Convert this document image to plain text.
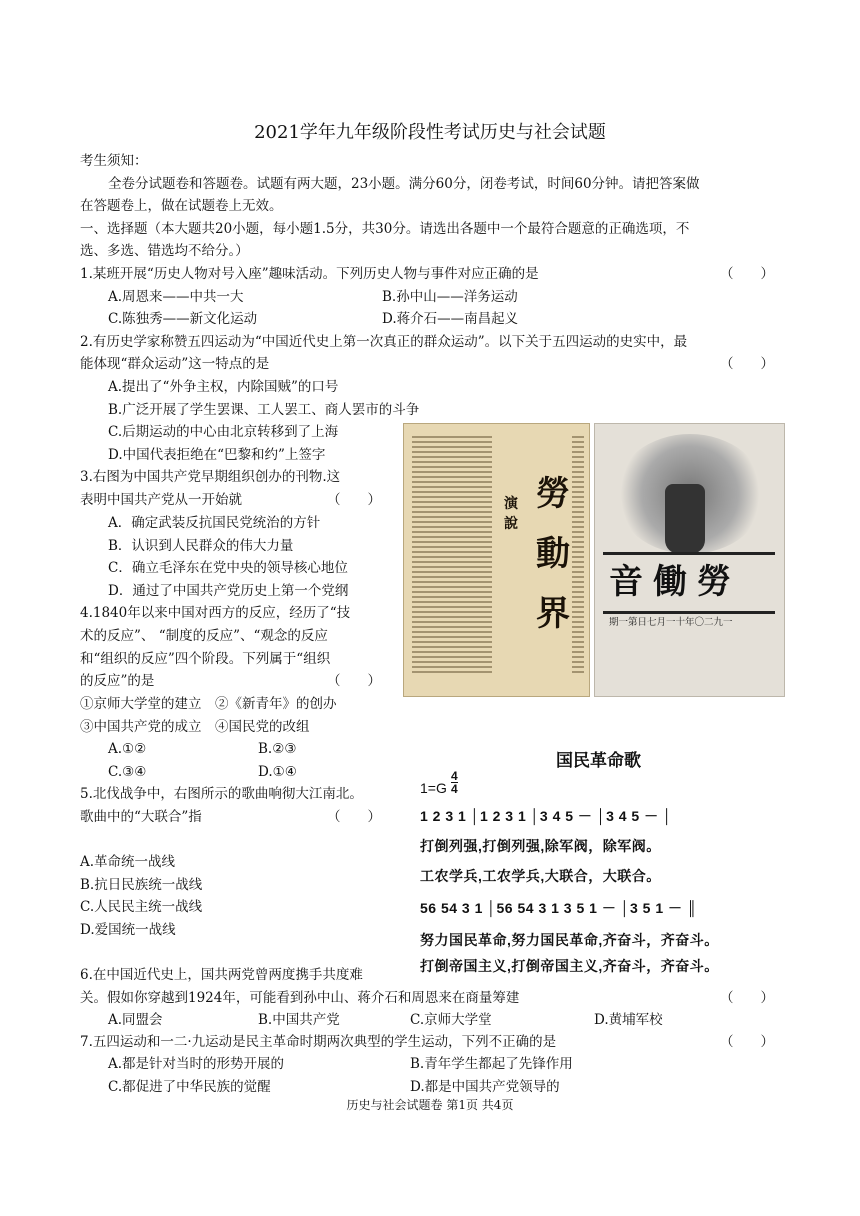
2021学年九年级阶段性考试历史与社会试题
考生须知：
全卷分试题卷和答题卷。试题有两大题，23小题。满分60分，闭卷考试，时间60分钟。请把答案做
在答题卷上，做在试题卷上无效。
一、选择题（本大题共20小题，每小题1.5分，共30分。请选出各题中一个最符合题意的正确选项，不
选、多选、错选均不给分。）
1.某班开展“历史人物对号入座”趣味活动。下列历史人物与事件对应正确的是	（　　）
A.周恩来——中共一大	B.孙中山——洋务运动
C.陈独秀——新文化运动	D.蒋介石——南昌起义
2.有历史学家称赞五四运动为“中国近代史上第一次真正的群众运动”。以下关于五四运动的史实中，最
能体现“群众运动”这一特点的是	（　　）
A.提出了“外争主权，内除国贼”的口号
B.广泛开展了学生罢课、工人罢工、商人罢市的斗争
C.后期运动的中心由北京转移到了上海
D.中国代表拒绝在“巴黎和约”上签字
3.右图为中国共产党早期组织创办的刊物.这
表明中国共产党从一开始就	（　　）
A．确定武装反抗国民党统治的方针
B．认识到人民群众的伟大力量
C．确立毛泽东在党中央的领导核心地位
D．通过了中国共产党历史上第一个党纲
4.1840年以来中国对西方的反应，经历了“技
术的反应”、 “制度的反应”、“观念的反应
和“组织的反应”四个阶段。下列属于“组织
的反应”的是	（　　）
①京师大学堂的建立　②《新青年》的创办
③中国共产党的成立　④国民党的改组
A.①②	B.②③
C.③④	D.①④
5.北伐战争中，右图所示的歌曲响彻大江南北。
歌曲中的“大联合”指	（　　）
A.革命统一战线
B.抗日民族统一战线
C.人民民主统一战线
D.爱国统一战线
6.在中国近代史上，国共两党曾两度携手共度难
关。假如你穿越到1924年，可能看到孙中山、蒋介石和周恩来在商量筹建	（　　）
A.同盟会	B.中国共产党	C.京师大学堂	D.黄埔军校
7.五四运动和一二·九运动是民主革命时期两次典型的学生运动，下列不正确的是	（　　）
A.都是针对当时的形势开展的	B.青年学生都起了先锋作用
C.都促进了中华民族的觉醒	D.都是中国共产党领导的
演說
勞動界
音働勞
期一第日七月一十年〇二九一
国民革命歌
$1=G \frac{4}{4}$
1 2 3 1 │1 2 3 1 │3 4 5 － │3 4 5 － │
打倒列强,打倒列强,除军阀，除军阀。
工农学兵,工农学兵,大联合，大联合。
56 54 3 1 │56 54 3 1 3 5 1 － │3 5 1 － ║
努力国民革命,努力国民革命,齐奋斗，齐奋斗。
打倒帝国主义,打倒帝国主义,齐奋斗，齐奋斗。
历史与社会试题卷 第1页 共4页
